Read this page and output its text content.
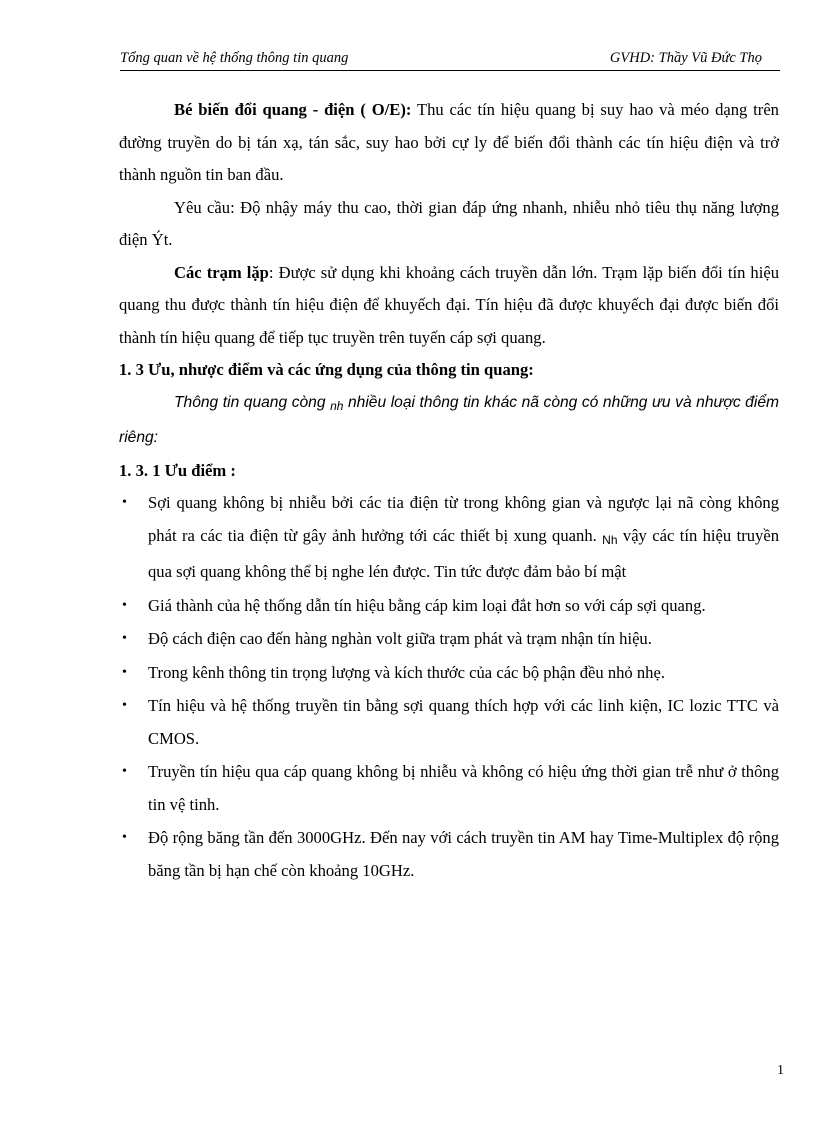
Tổng quan về hệ thống thông tin quang	GVHD: Thầy Vũ Đức Thọ

Bé biến đổi quang - điện ( O/E): Thu các tín hiệu quang bị suy hao và méo dạng trên đường truyền do bị tán xạ, tán sắc, suy hao bởi cự ly để biến đổi thành các tín hiệu điện và trở thành nguồn tin ban đầu.

Yêu cầu: Độ nhậy máy thu cao, thời gian đáp ứng nhanh, nhiễu nhỏ tiêu thụ năng lượng điện Ýt.

Các trạm lặp: Được sử dụng khi khoảng cách truyền dẫn lớn. Trạm lặp biến đổi tín hiệu quang thu được thành tín hiệu điện để khuyếch đại. Tín hiệu đã được khuyếch đại được biến đổi thành tín hiệu quang để tiếp tục truyền trên tuyến cáp sợi quang.

1. 3 Ưu, nhược điểm và các ứng dụng của thông tin quang:

Thông tin quang còng $_{nh}$ nhiều loại thông tin khác nã còng có những ưu và nhược điểm riêng:

1. 3. 1 Ưu điểm :

• Sợi quang không bị nhiễu bởi các tia điện từ trong không gian và ngược lại nã còng không phát ra các tia điện từ gây ảnh hưởng tới các thiết bị xung quanh. $_{Nh}$ vậy các tín hiệu truyền qua sợi quang không thể bị nghe lén được. Tin tức được đảm bảo bí mật
• Giá thành của hệ thống dẫn tín hiệu bằng cáp kim loại đắt hơn so với cáp sợi quang.
• Độ cách điện cao đến hàng nghàn volt giữa trạm phát và trạm nhận tín hiệu.
• Trong kênh thông tin trọng lượng và kích thước của các bộ phận đều nhỏ nhẹ.
• Tín hiệu và hệ thống truyền tin bằng sợi quang thích hợp với các linh kiện, IC lozic TTC và CMOS.
• Truyền tín hiệu qua cáp quang không bị nhiễu và không có hiệu ứng thời gian trễ như ở thông tin vệ tinh.
• Độ rộng băng tần đến 3000GHz. Đến nay với cách truyền tin AM hay Time-Multiplex độ rộng băng tần bị hạn chế còn khoảng 10GHz.
1
